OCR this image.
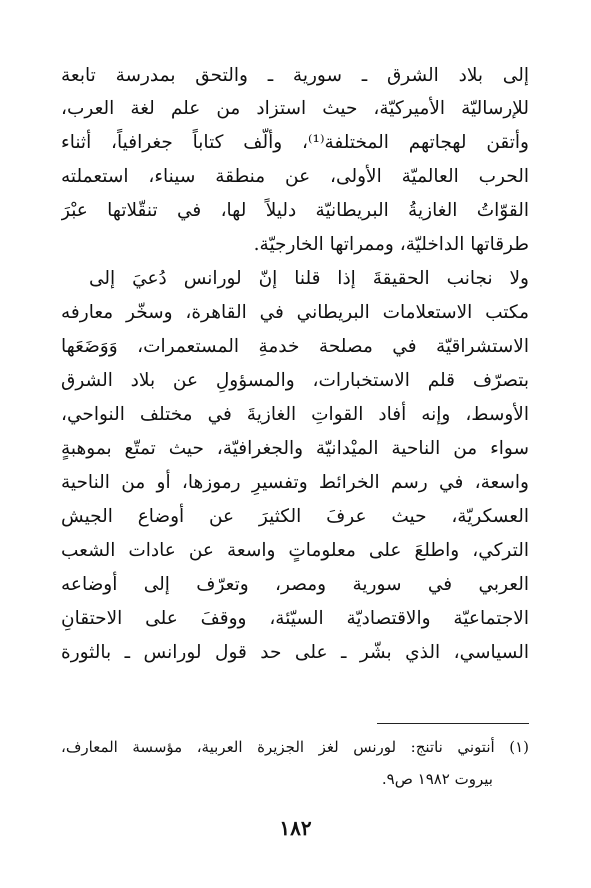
إلى بلاد الشرق ـ سورية ـ والتحق بمدرسة تابعة
للإرساليّة الأميركيّة، حيث استزاد من علم لغة العرب،
وأتقن لهجاتهم المختلفة⁽¹⁾، وألّف كتاباً جغرافياً، أثناء
الحرب العالميّة الأولى، عن منطقة سيناء، استعملته
القوّاتُ الغازيةُ البريطانيّة دليلاً لها، في تنقّلاتها عبْرَ
طرقاتها الداخليّة، وممراتها الخارجيّة.
ولا نجانب الحقيقةَ إذا قلنا إنّ لورانس دُعيَ إلى
مكتب الاستعلامات البريطاني في القاهرة، وسخّر معارفه
الاستشراقيّة في مصلحة خدمةِ المستعمرات، وَوَضَعَها
بتصرّف قلم الاستخبارات، والمسؤولِ عن بلاد الشرق
الأوسط، وإنه أفاد القواتِ الغازيةَ في مختلف النواحي،
سواء من الناحية الميْدانيّة والجغرافيّة، حيث تمتّع بموهبةٍ
واسعة، في رسم الخرائط وتفسيرِ رموزها، أو من الناحية
العسكريّة، حيث عرفَ الكثيرَ عن أوضاع الجيش
التركي، واطلعَ على معلوماتٍ واسعة عن عادات الشعب
العربي في سورية ومصر، وتعرّف إلى أوضاعه
الاجتماعيّة والاقتصاديّة السيّئة، ووقفَ على الاحتقانِ
السياسي، الذي بشّر ـ على حد قول لورانس ـ بالثورة
(١) أنتوني ناتنج: لورنس لغز الجزيرة العربية، مؤسسة المعارف،
بيروت ١٩٨٢ ص٩.
١٨٢
